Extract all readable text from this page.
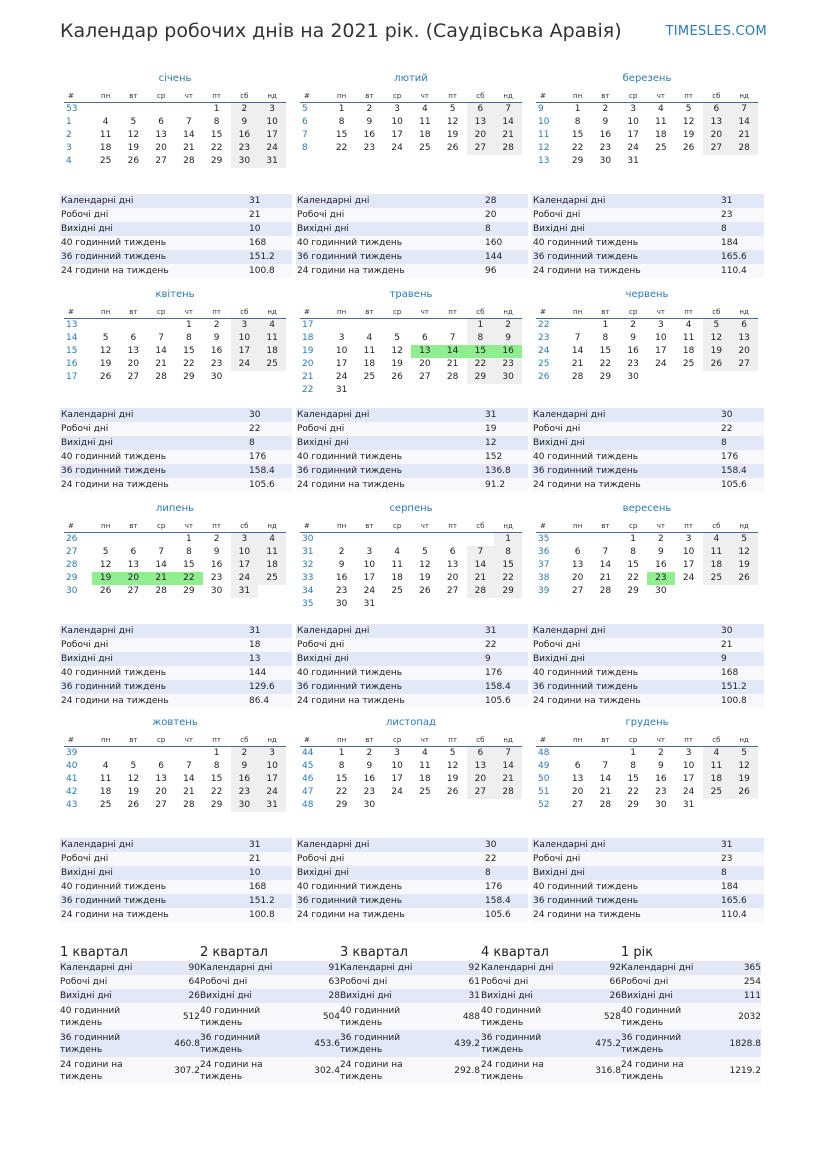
Календар робочих днів на 2021 рік. (Саудівська Аравія)	TIMESLES.COM
січень
#	пн	вт	ср	чт	пт	сб	нд
53					1	2	3
1	4	5	6	7	8	9	10
2	11	12	13	14	15	16	17
3	18	19	20	21	22	23	24
4	25	26	27	28	29	30	31
Календарні дні	31
Робочі дні	21
Вихідні дні	10
40 годинний тиждень	168
36 годинний тиждень	151.2
24 години на тиждень	100.8
лютий
#	пн	вт	ср	чт	пт	сб	нд
5	1	2	3	4	5	6	7
6	8	9	10	11	12	13	14
7	15	16	17	18	19	20	21
8	22	23	24	25	26	27	28
Календарні дні	28
Робочі дні	20
Вихідні дні	8
40 годинний тиждень	160
36 годинний тиждень	144
24 години на тиждень	96
березень
#	пн	вт	ср	чт	пт	сб	нд
9	1	2	3	4	5	6	7
10	8	9	10	11	12	13	14
11	15	16	17	18	19	20	21
12	22	23	24	25	26	27	28
13	29	30	31				
Календарні дні	31
Робочі дні	23
Вихідні дні	8
40 годинний тиждень	184
36 годинний тиждень	165.6
24 години на тиждень	110.4
квітень
#	пн	вт	ср	чт	пт	сб	нд
13				1	2	3	4
14	5	6	7	8	9	10	11
15	12	13	14	15	16	17	18
16	19	20	21	22	23	24	25
17	26	27	28	29	30		
Календарні дні	30
Робочі дні	22
Вихідні дні	8
40 годинний тиждень	176
36 годинний тиждень	158.4
24 години на тиждень	105.6
травень
#	пн	вт	ср	чт	пт	сб	нд
17						1	2
18	3	4	5	6	7	8	9
19	10	11	12	13	14	15	16
20	17	18	19	20	21	22	23
21	24	25	26	27	28	29	30
22	31						
Календарні дні	31
Робочі дні	19
Вихідні дні	12
40 годинний тиждень	152
36 годинний тиждень	136.8
24 години на тиждень	91.2
червень
#	пн	вт	ср	чт	пт	сб	нд
22		1	2	3	4	5	6
23	7	8	9	10	11	12	13
24	14	15	16	17	18	19	20
25	21	22	23	24	25	26	27
26	28	29	30				
Календарні дні	30
Робочі дні	22
Вихідні дні	8
40 годинний тиждень	176
36 годинний тиждень	158.4
24 години на тиждень	105.6
липень
#	пн	вт	ср	чт	пт	сб	нд
26				1	2	3	4
27	5	6	7	8	9	10	11
28	12	13	14	15	16	17	18
29	19	20	21	22	23	24	25
30	26	27	28	29	30	31	
Календарні дні	31
Робочі дні	18
Вихідні дні	13
40 годинний тиждень	144
36 годинний тиждень	129.6
24 години на тиждень	86.4
серпень
#	пн	вт	ср	чт	пт	сб	нд
30							1
31	2	3	4	5	6	7	8
32	9	10	11	12	13	14	15
33	16	17	18	19	20	21	22
34	23	24	25	26	27	28	29
35	30	31					
Календарні дні	31
Робочі дні	22
Вихідні дні	9
40 годинний тиждень	176
36 годинний тиждень	158.4
24 години на тиждень	105.6
вересень
#	пн	вт	ср	чт	пт	сб	нд
35			1	2	3	4	5
36	6	7	8	9	10	11	12
37	13	14	15	16	17	18	19
38	20	21	22	23	24	25	26
39	27	28	29	30			
Календарні дні	30
Робочі дні	21
Вихідні дні	9
40 годинний тиждень	168
36 годинний тиждень	151.2
24 години на тиждень	100.8
жовтень
#	пн	вт	ср	чт	пт	сб	нд
39					1	2	3
40	4	5	6	7	8	9	10
41	11	12	13	14	15	16	17
42	18	19	20	21	22	23	24
43	25	26	27	28	29	30	31
Календарні дні	31
Робочі дні	21
Вихідні дні	10
40 годинний тиждень	168
36 годинний тиждень	151.2
24 години на тиждень	100.8
листопад
#	пн	вт	ср	чт	пт	сб	нд
44	1	2	3	4	5	6	7
45	8	9	10	11	12	13	14
46	15	16	17	18	19	20	21
47	22	23	24	25	26	27	28
48	29	30					
Календарні дні	30
Робочі дні	22
Вихідні дні	8
40 годинний тиждень	176
36 годинний тиждень	158.4
24 години на тиждень	105.6
грудень
#	пн	вт	ср	чт	пт	сб	нд
48			1	2	3	4	5
49	6	7	8	9	10	11	12
50	13	14	15	16	17	18	19
51	20	21	22	23	24	25	26
52	27	28	29	30	31		
Календарні дні	31
Робочі дні	23
Вихідні дні	8
40 годинний тиждень	184
36 годинний тиждень	165.6
24 години на тиждень	110.4
1 квартал
Календарні дні	90
Робочі дні	64
Вихідні дні	26
40 годинний тиждень
512
36 годинний тиждень
460.8
24 години на тиждень
307.2
2 квартал
Календарні дні	91
Робочі дні	63
Вихідні дні	28
40 годинний тиждень
504
36 годинний тиждень
453.6
24 години на тиждень
302.4
3 квартал
Календарні дні	92
Робочі дні	61
Вихідні дні	31
40 годинний тиждень
488
36 годинний тиждень
439.2
24 години на тиждень
292.8
4 квартал
Календарні дні	92
Робочі дні	66
Вихідні дні	26
40 годинний тиждень
528
36 годинний тиждень
475.2
24 години на тиждень
316.8
1 рік
Календарні дні	365
Робочі дні	254
Вихідні дні	111
40 годинний тиждень
2032
36 годинний тиждень
1828.8
24 години на тиждень
1219.2
